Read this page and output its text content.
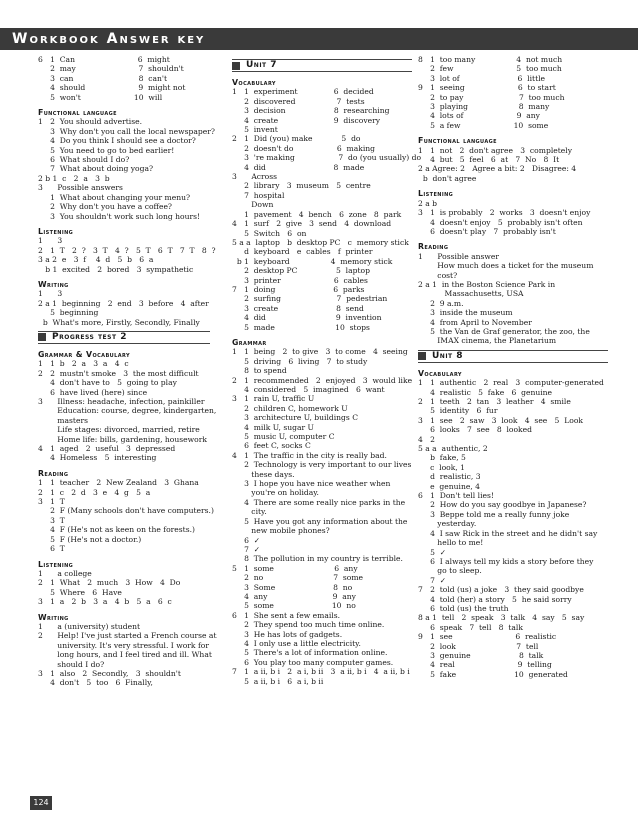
Workbook Answer key
6   1  Can                          6  might
2  may                          7  shouldn't
3  can                           8  can't
4  should                      9  might not
5  won't                      10  will
Functional language
1   2  You should advertise.
3  Why don't you call the local newspaper?
4  Do you think I should see a doctor?
5  You need to go to bed earlier!
6  What should I do?
7  What about doing yoga?
2 b 1  c   2  a   3  b
3      Possible answers
1  What about changing your menu?
2  Why don't you have a coffee?
3  You shouldn't work such long hours!
Listening
1      3
2   1  T   2  ?   3  T   4  ?   5  T   6  T   7  T   8  ?
3 a 2  e   3  f    4  d   5  b   6  a
b 1  excited   2  bored   3  sympathetic
Writing
1      3
2 a 1  beginning   2  end   3  before   4  after
5  beginning
b  What's more, Firstly, Secondly, Finally
Progress test 2
Grammar & Vocabulary
1   1  b   2  a   3  a   4  c
2   2  mustn't smoke   3  the most difficult
4  don't have to   5  going to play
6  have lived (here) since
3      Illness: headache, infection, painkiller
Education: course, degree, kindergarten,
masters
Life stages: divorced, married, retire
Home life: bills, gardening, housework
4   1  aged   2  useful   3  depressed
4  Homeless   5  interesting
Reading
1   1  teacher   2  New Zealand   3  Ghana
2   1  c   2  d   3  e   4  g   5  a
3   1  T
2  F (Many schools don't have computers.)
3  T
4  F (He's not as keen on the forests.)
5  F (He's not a doctor.)
6  T
Listening
1      a college
2   1  What   2  much   3  How   4  Do
5  Where   6  Have
3   1  a   2  b   3  a   4  b   5  a   6  c
Writing
1      a (university) student
2      Help! I've just started a French course at
university. It's very stressful. I work for
long hours, and I feel tired and ill. What
should I do?
3   1  also   2  Secondly,   3  shouldn't
4  don't   5  too   6  Finally,
Unit 7
Vocabulary
1   1  experiment               6  decided
2  discovered                 7  tests
3  decision                    8  researching
4  create                       9  discovery
5  invent
2   1  Did (you) make            5  do
2  doesn't do                  6  making
3  're making                  7  do (you usually) do
4  did                            8  made
3      Across
2  library   3  museum   5  centre
7  hospital
Down
1  pavement   4  bench   6  zone   8  park
4   1  surf   2  give   3  send   4  download
5  Switch   6  on
5 a a  laptop   b  desktop PC   c  memory stick
d  keyboard   e  cables   f  printer
b 1  keyboard                 4  memory stick
2  desktop PC                5  laptop
3  printer                      6  cables
7   1  doing                        6  parks
2  surfing                       7  pedestrian
3  create                        8  send
4  did                             9  invention
5  made                         10  stops
Grammar
1   1  being   2  to give   3  to come   4  seeing
5  driving   6  living   7  to study
8  to spend
2   1  recommended   2  enjoyed   3  would like
4  considered   5  imagined   6  want
3   1  rain U, traffic U
2  children C, homework U
3  architecture U, buildings C
4  milk U, sugar U
5  music U, computer C
6  feet C, socks C
4   1  The traffic in the city is really bad.
2  Technology is very important to our lives
these days.
3  I hope you have nice weather when
you're on holiday.
4  There are some really nice parks in the
city.
5  Have you got any information about the
new mobile phones?
6  ✓
7  ✓
8  The pollution in my country is terrible.
5   1  some                         6  any
2  no                             7  some
3  Some                        8  no
4  any                           9  any
5  some                        10  no
6   1  She sent a few emails.
2  They spend too much time online.
3  He has lots of gadgets.
4  I only use a little electricity.
5  There's a lot of information online.
6  You play too many computer games.
7   1  a ii, b i   2  a i, b ii   3  a ii, b i   4  a ii, b i
5  a ii, b i   6  a i, b ii
8   1  too many                 4  not much
2  few                          5  too much
3  lot of                        6  little
9   1  seeing                      6  to start
2  to pay                       7  too much
3  playing                     8  many
4  lots of                      9  any
5  a few                      10  some
Functional language
1   1  not   2  don't agree   3  completely
4  but   5  feel   6  at   7  No   8  It
2 a Agree: 2   Agree a bit: 2   Disagree: 4
b  don't agree
Listening
2 a b
3   1  is probably   2  works   3  doesn't enjoy
4  doesn't enjoy   5  probably isn't often
6  doesn't play   7  probably isn't
Reading
1      Possible answer
How much does a ticket for the museum
cost?
2 a 1  in the Boston Science Park in
Massachusetts, USA
2  9 a.m.
3  inside the museum
4  from April to November
5  the Van de Graf generator, the zoo, the
IMAX cinema, the Planetarium
Unit 8
Vocabulary
1   1  authentic   2  real   3  computer-generated
4  realistic   5  fake   6  genuine
2   1  teeth   2  tan   3  leather   4  smile
5  identity   6  fur
3   1  see   2  saw   3  look   4  see   5  Look
6  looks   7  see   8  looked
4   2
5 a a  authentic, 2
b  fake, 5
c  look, 1
d  realistic, 3
e  genuine, 4
6   1  Don't tell lies!
2  How do you say goodbye in Japanese?
3  Beppe told me a really funny joke
yesterday.
4  I saw Rick in the street and he didn't say
hello to me!
5  ✓
6  I always tell my kids a story before they
go to sleep.
7  ✓
7   2  told (us) a joke   3  they said goodbye
4  told (her) a story   5  he said sorry
6  told (us) the truth
8 a 1  tell   2  speak   3  talk   4  say   5  say
6  speak   7  tell   8  talk
9   1  see                          6  realistic
2  look                         7  tell
3  genuine                    8  talk
4  real                          9  telling
5  fake                        10  generated
124
